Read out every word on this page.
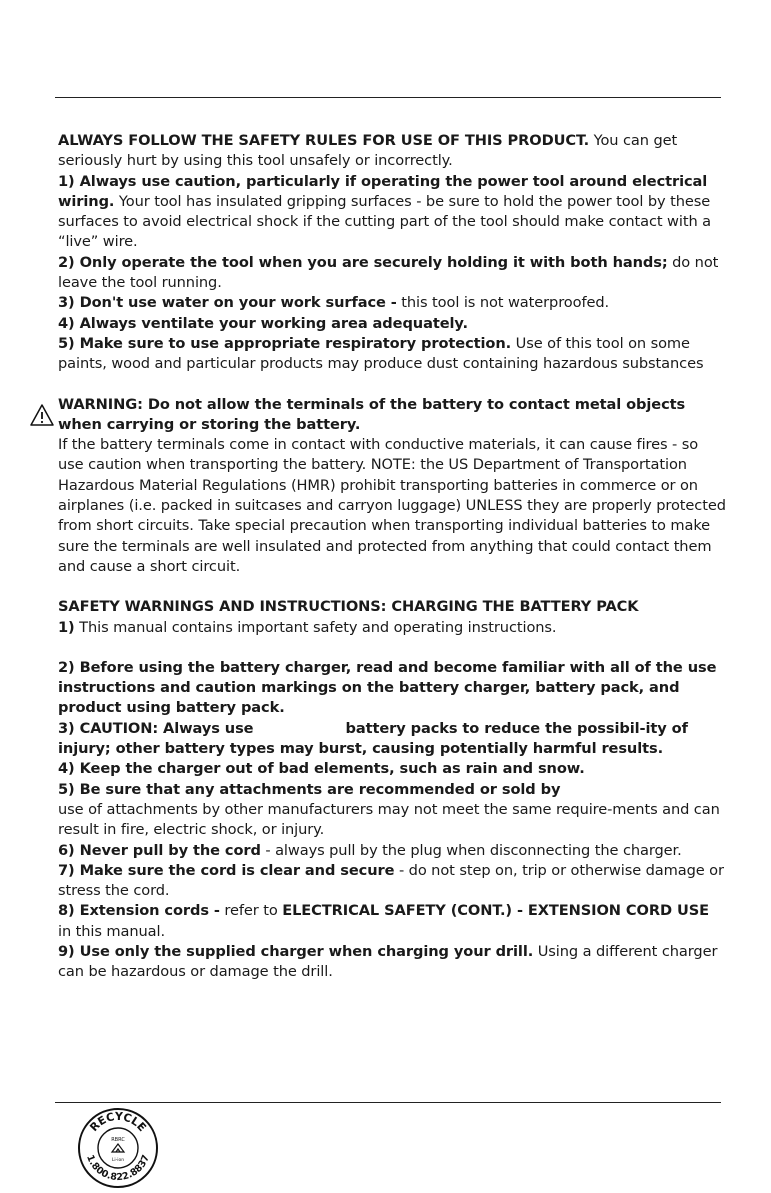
ALWAYS FOLLOW THE SAFETY RULES FOR USE OF THIS PRODUCT. You can get seriously hurt by using this tool unsafely or incorrectly.

1) Always use caution, particularly if operating the power tool around electrical wiring. Your tool has insulated gripping surfaces - be sure to hold the power tool by these surfaces to avoid electrical shock if the cutting part of the tool should make contact with a “live” wire.

2) Only operate the tool when you are securely holding it with both hands; do not leave the tool running.

3) Don't use water on your work surface - this tool is not waterproofed.

4) Always ventilate your working area adequately.

5) Make sure to use appropriate respiratory protection. Use of this tool on some paints, wood and particular products may produce dust containing hazardous substances

WARNING: Do not allow the terminals of the battery to contact metal objects when carrying or storing the battery.

If the battery terminals come in contact with conductive materials, it can cause fires - so use caution when transporting the battery. NOTE: the US Department of Transportation Hazardous Material Regulations (HMR) prohibit transporting batteries in commerce or on airplanes (i.e. packed in suitcases and carryon luggage) UNLESS they are properly protected from short circuits. Take special precaution when transporting individual batteries to make sure the terminals are well insulated and protected from anything that could contact them and cause a short circuit.

SAFETY WARNINGS AND INSTRUCTIONS: CHARGING THE BATTERY PACK

1) This manual contains important safety and operating instructions.

2) Before using the battery charger, read and become familiar with all of the use instructions and caution markings on the battery charger, battery pack, and product using battery pack.

3) CAUTION: Always use	battery packs to reduce the possibil-ity of injury; other battery types may burst, causing potentially harmful results.

4) Keep the charger out of bad elements, such as rain and snow.

5) Be sure that any attachments are recommended or sold by
use of attachments by other manufacturers may not meet the same require-ments and can result in fire, electric shock, or injury.

6) Never pull by the cord - always pull by the plug when disconnecting the charger.

7) Make sure the cord is clear and secure - do not step on, trip or otherwise damage or stress the cord.

8) Extension cords - refer to ELECTRICAL SAFETY (CONT.) - EXTENSION CORD USE in this manual.

9) Use only the supplied charger when charging your drill. Using a different charger can be hazardous or damage the drill.

RECYCLE
1.800.822.8837
RBRC
Li-ion
